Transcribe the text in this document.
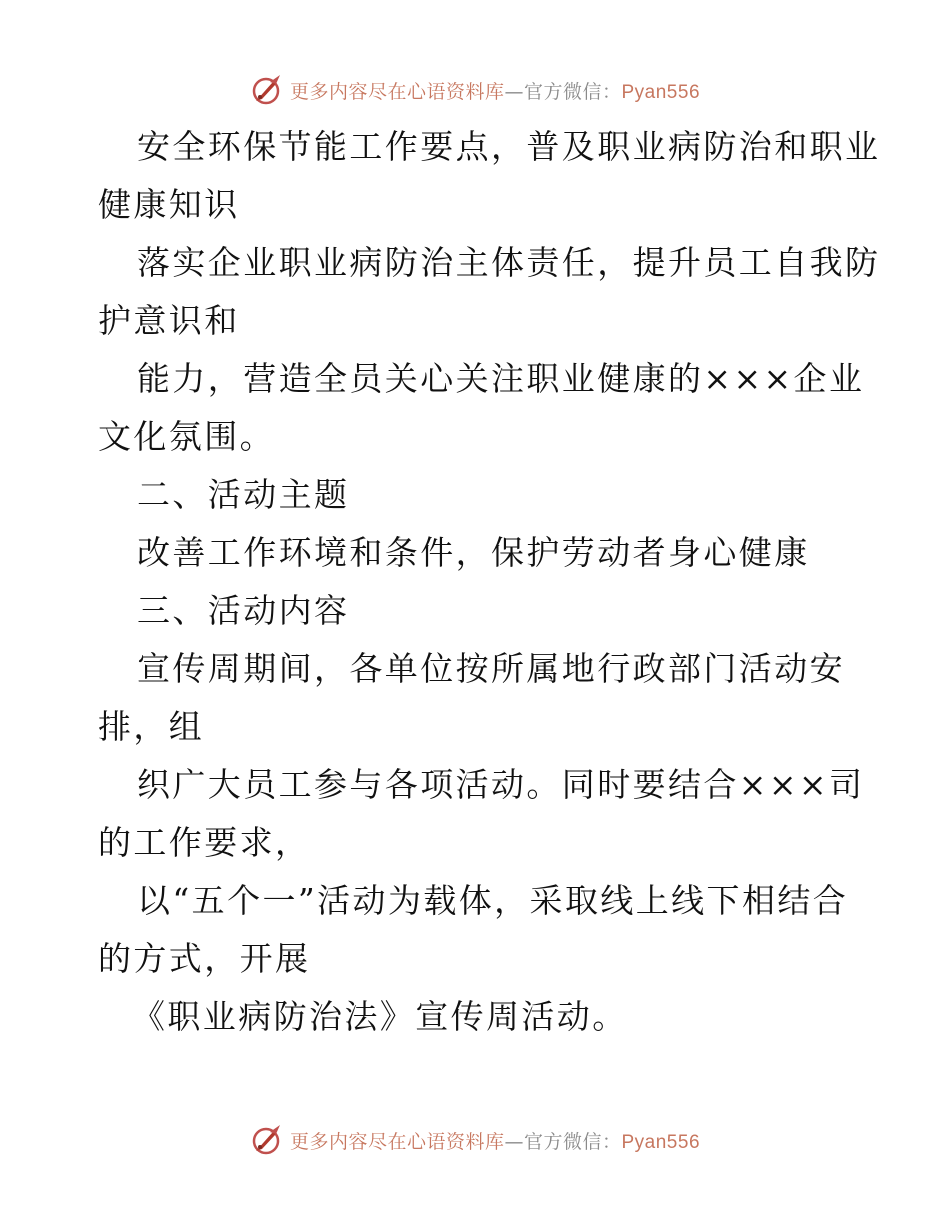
更多内容尽在心语资料库—官方微信：Pyan556
安全环保节能工作要点，普及职业病防治和职业
健康知识
落实企业职业病防治主体责任，提升员工自我防
护意识和
能力，营造全员关心关注职业健康的×××企业
文化氛围。
二、活动主题
改善工作环境和条件，保护劳动者身心健康
三、活动内容
宣传周期间，各单位按所属地行政部门活动安
排，组
织广大员工参与各项活动。同时要结合×××司
的工作要求，
以“五个一”活动为载体，采取线上线下相结合
的方式，开展
《职业病防治法》宣传周活动。
更多内容尽在心语资料库—官方微信：Pyan556
